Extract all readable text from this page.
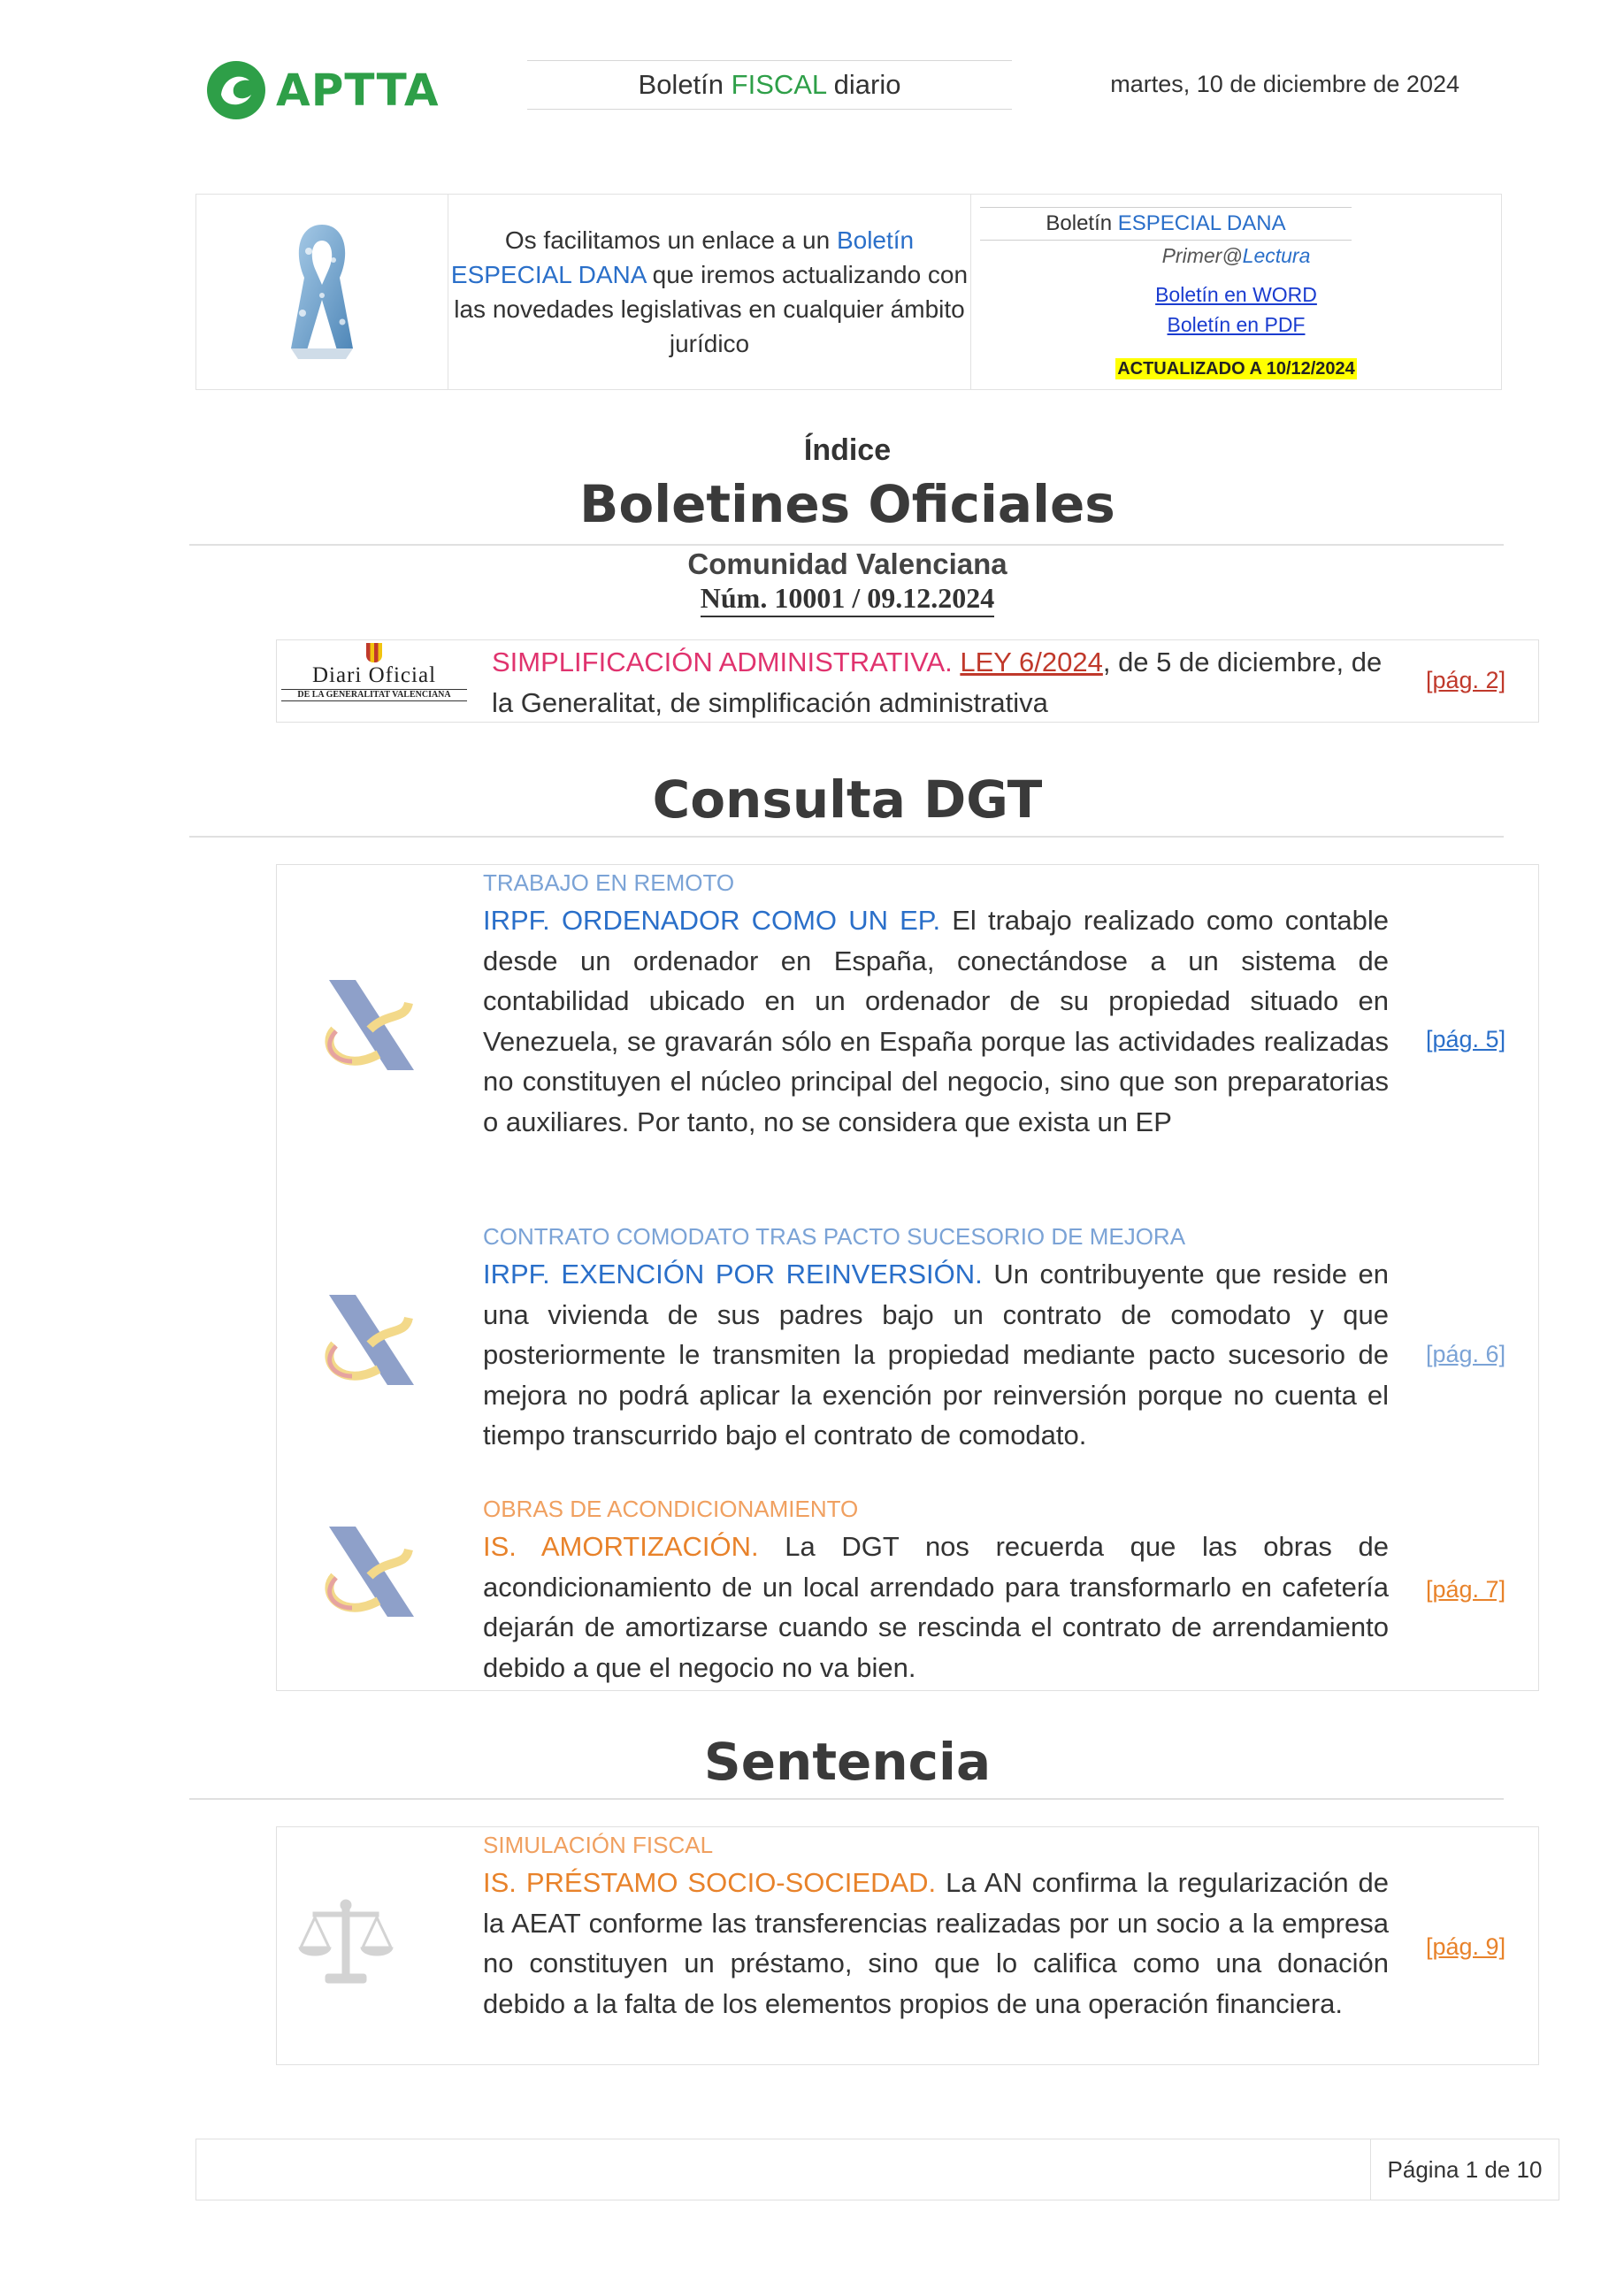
APTTA	Boletín FISCAL diario	martes, 10 de diciembre de 2024

Os facilitamos un enlace a un Boletín ESPECIAL DANA que iremos actualizando con las novedades legislativas en cualquier ámbito jurídico

Boletín ESPECIAL DANA
Primer@Lectura
Boletín en WORD
Boletín en PDF
ACTUALIZADO A 10/12/2024
Índice
Boletines Oficiales
Comunidad Valenciana
Núm. 10001 / 09.12.2024
Diari Oficial
DE LA GENERALITAT VALENCIANA
SIMPLIFICACIÓN ADMINISTRATIVA. LEY 6/2024, de 5 de diciembre, de la Generalitat, de simplificación administrativa
[pág. 2]
Consulta DGT
TRABAJO EN REMOTO
IRPF. ORDENADOR COMO UN EP. El trabajo realizado como contable desde un ordenador en España, conectándose a un sistema de contabilidad ubicado en un ordenador de su propiedad situado en Venezuela, se gravarán sólo en España porque las actividades realizadas no constituyen el núcleo principal del negocio, sino que son preparatorias o auxiliares. Por tanto, no se considera que exista un EP
[pág. 5]
CONTRATO COMODATO TRAS PACTO SUCESORIO DE MEJORA
IRPF. EXENCIÓN POR REINVERSIÓN. Un contribuyente que reside en una vivienda de sus padres bajo un contrato de comodato y que posteriormente le transmiten la propiedad mediante pacto sucesorio de mejora no podrá aplicar la exención por reinversión porque no cuenta el tiempo transcurrido bajo el contrato de comodato.
[pág. 6]
OBRAS DE ACONDICIONAMIENTO
IS. AMORTIZACIÓN. La DGT nos recuerda que las obras de acondicionamiento de un local arrendado para transformarlo en cafetería dejarán de amortizarse cuando se rescinda el contrato de arrendamiento debido a que el negocio no va bien.
[pág. 7]
Sentencia
SIMULACIÓN FISCAL
IS. PRÉSTAMO SOCIO-SOCIEDAD. La AN confirma la regularización de la AEAT conforme las transferencias realizadas por un socio a la empresa no constituyen un préstamo, sino que lo califica como una donación debido a la falta de los elementos propios de una operación financiera.
[pág. 9]
Página 1 de 10
